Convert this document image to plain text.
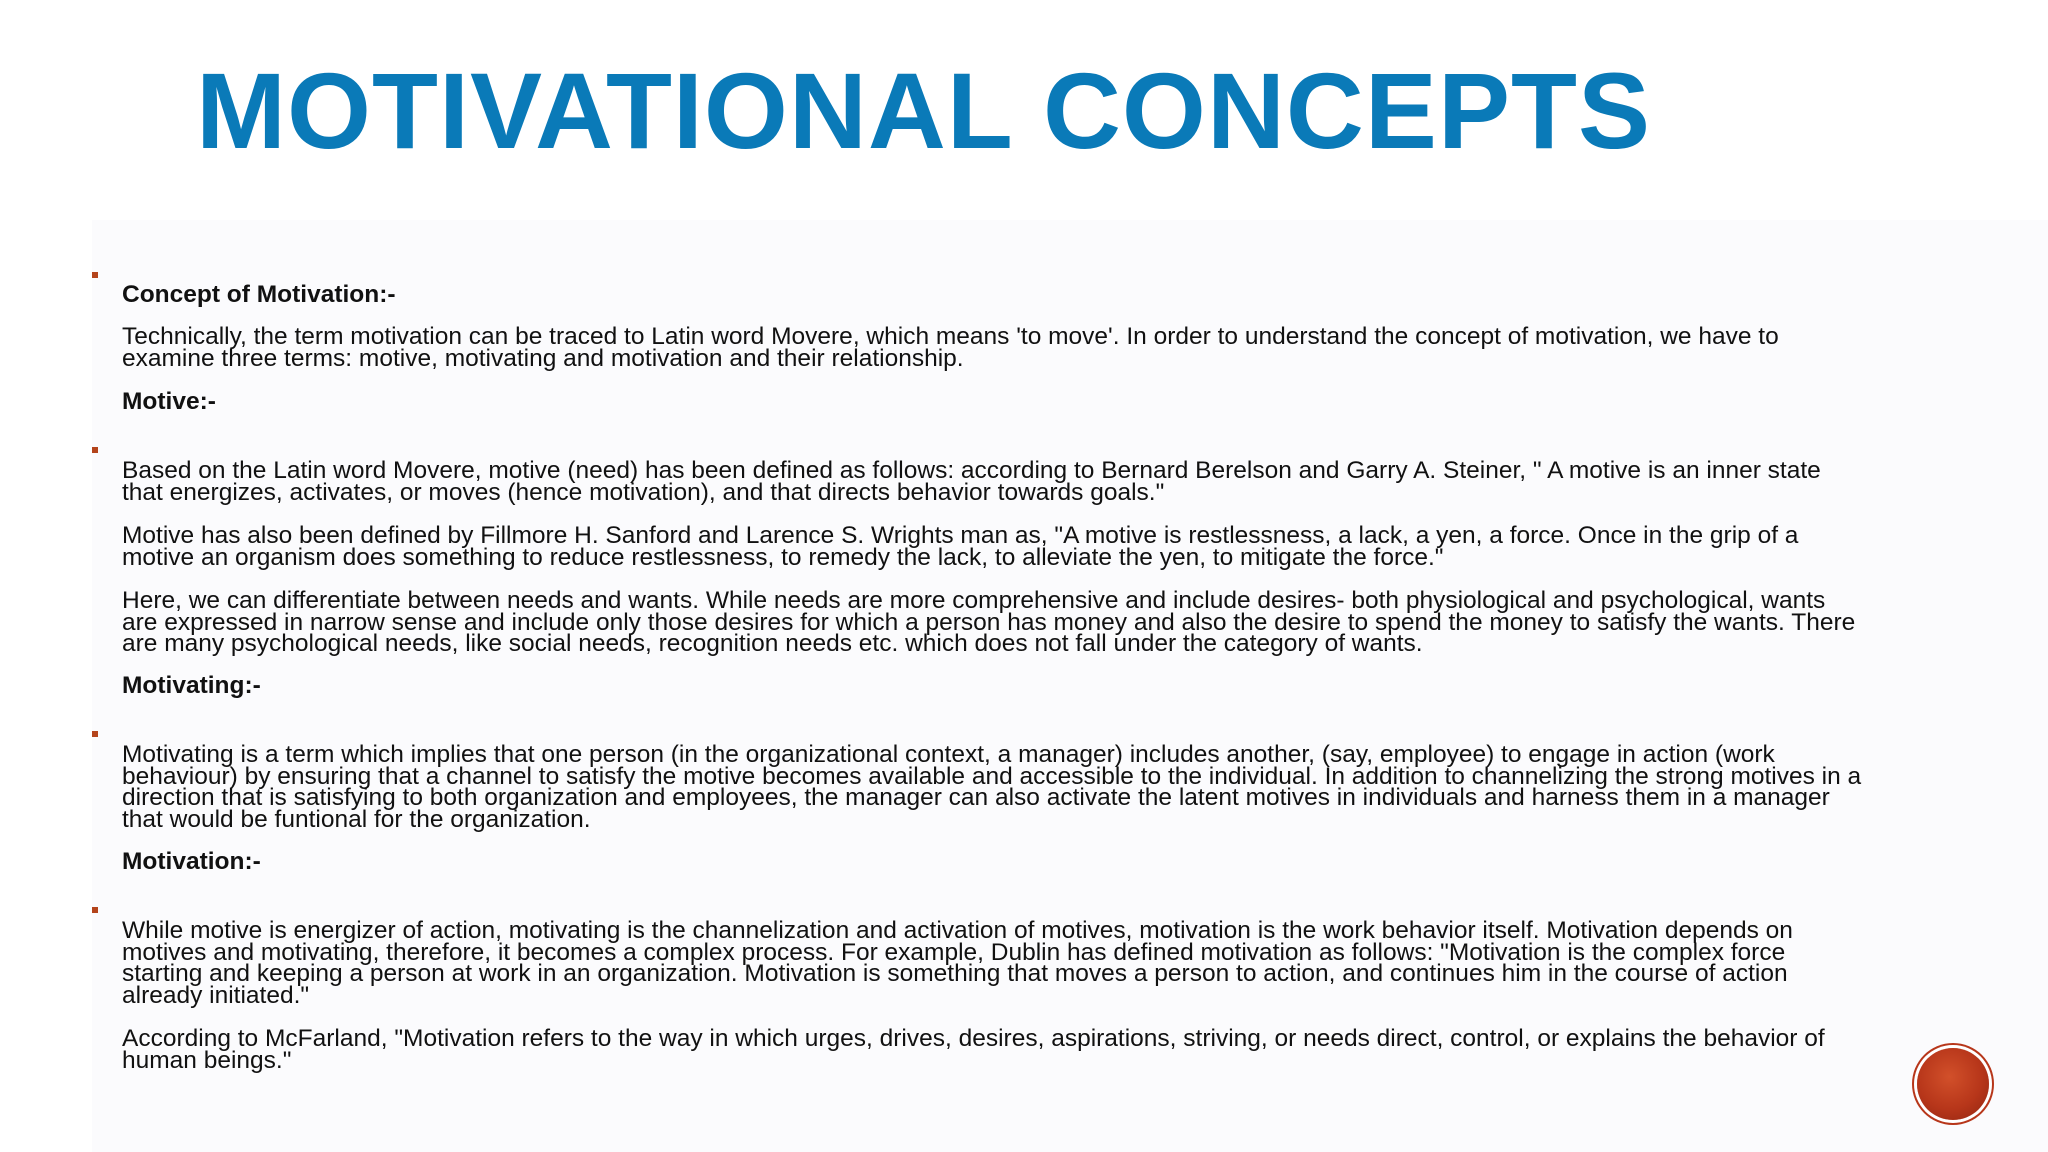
MOTIVATIONAL CONCEPTS

Concept of Motivation:-

Technically, the term motivation can be traced to Latin word Movere, which means 'to move'. In order to understand the concept of motivation, we have to examine three terms: motive, motivating and motivation and their relationship.

Motive:-

Based on the Latin word Movere, motive (need) has been defined as follows: according to Bernard Berelson and Garry A. Steiner, " A motive is an inner state that energizes, activates, or moves (hence motivation), and that directs behavior towards goals."

Motive has also been defined by Fillmore H. Sanford and Larence S. Wrights man as, "A motive is restlessness, a lack, a yen, a force. Once in the grip of a motive an organism does something to reduce restlessness, to remedy the lack, to alleviate the yen, to mitigate the force."

Here, we can differentiate between needs and wants. While needs are more comprehensive and include desires- both physiological and psychological, wants are expressed in narrow sense and include only those desires for which a person has money and also the desire to spend the money to satisfy the wants. There are many psychological needs, like social needs, recognition needs etc. which does not fall under the category of wants.

Motivating:-

Motivating is a term which implies that one person (in the organizational context, a manager) includes another, (say, employee) to engage in action (work behaviour) by ensuring that a channel to satisfy the motive becomes available and accessible to the individual. In addition to channelizing the strong motives in a direction that is satisfying to both organization and employees, the manager can also activate the latent motives in individuals and harness them in a manager that would be funtional for the organization.

Motivation:-

While motive is energizer of action, motivating is the channelization and activation of motives, motivation is the work behavior itself. Motivation depends on motives and motivating, therefore, it becomes a complex process. For example, Dublin has defined motivation as follows: "Motivation is the complex force starting and keeping a person at work in an organization. Motivation is something that moves a person to action, and continues him in the course of action already initiated."

According to McFarland, "Motivation refers to the way in which urges, drives, desires, aspirations, striving, or needs direct, control, or explains the behavior of human beings."
